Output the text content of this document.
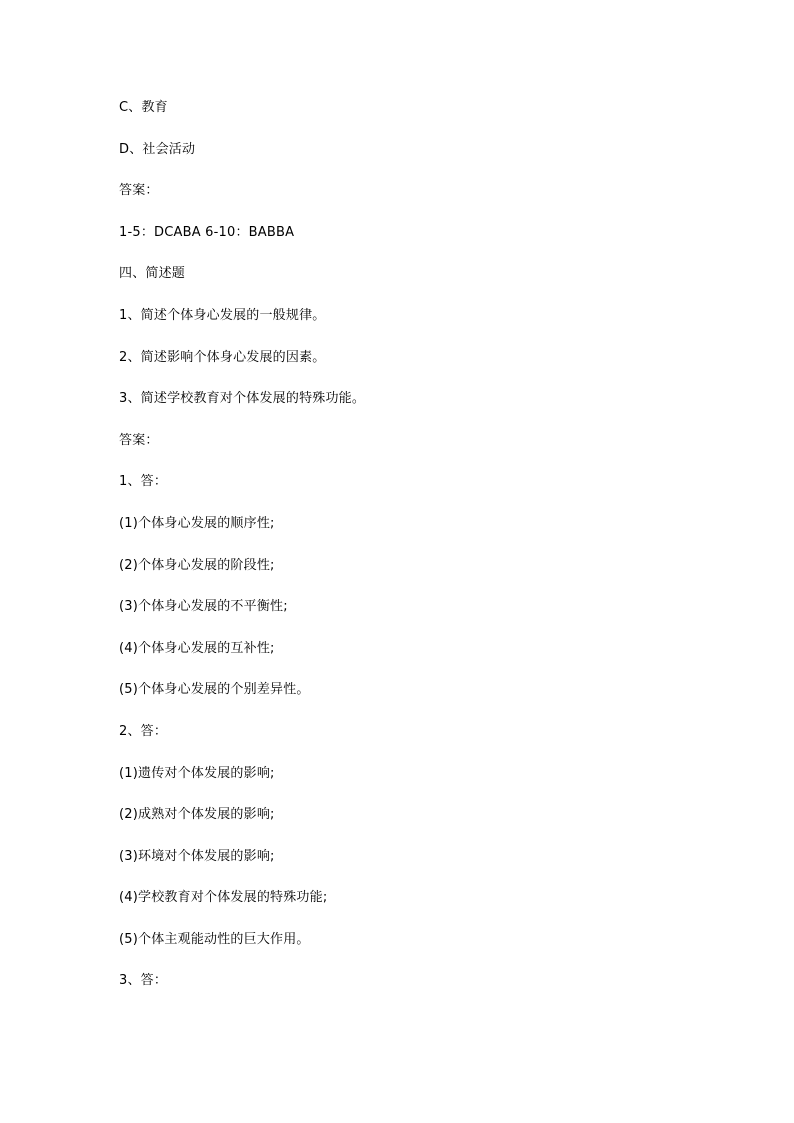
C、教育
D、社会活动
答案：
1-5：DCABA 6-10：BABBA
四、简述题
1、简述个体身心发展的一般规律。
2、简述影响个体身心发展的因素。
3、简述学校教育对个体发展的特殊功能。
答案：
1、答：
(1)个体身心发展的顺序性;
(2)个体身心发展的阶段性;
(3)个体身心发展的不平衡性;
(4)个体身心发展的互补性;
(5)个体身心发展的个别差异性。
2、答：
(1)遗传对个体发展的影响;
(2)成熟对个体发展的影响;
(3)环境对个体发展的影响;
(4)学校教育对个体发展的特殊功能;
(5)个体主观能动性的巨大作用。
3、答：
